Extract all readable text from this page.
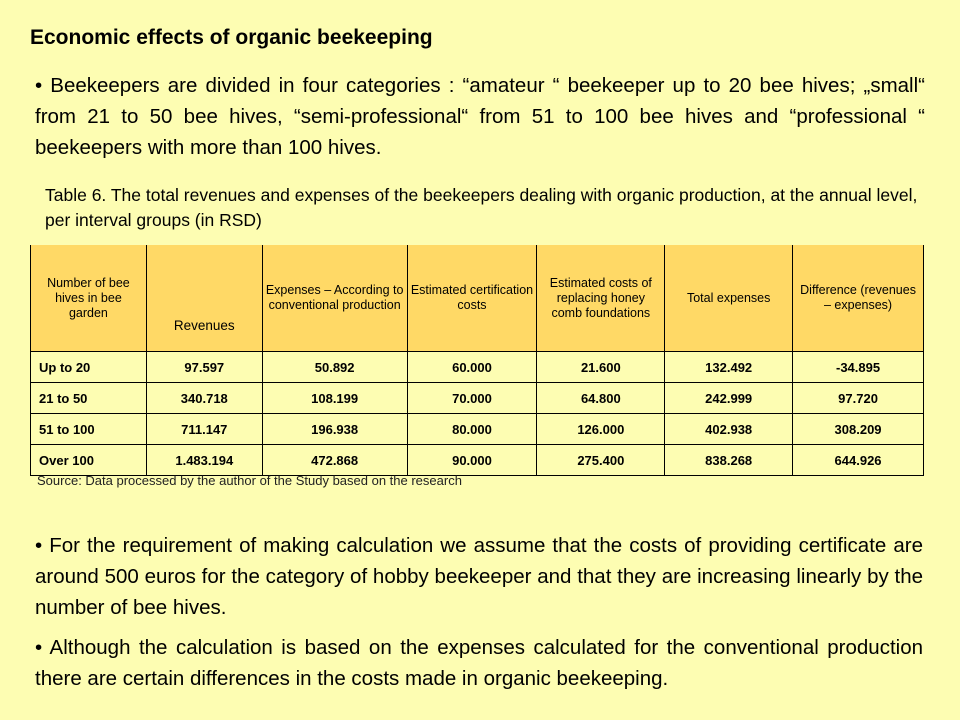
Economic effects of organic beekeeping
• Beekeepers are divided in four categories : “amateur “ beekeeper up to 20 bee hives; „small“ from 21 to 50 bee hives, “semi-professional“ from 51 to 100 bee hives and “professional “ beekeepers with more than 100 hives.
Table 6. The total revenues and expenses of the beekeepers dealing with organic production, at the annual level, per interval groups (in RSD)
Number of bee hives in bee garden	Revenues	Expenses – According to conventional production	Estimated certification costs	Estimated costs of replacing honey comb foundations	Total expenses	Difference (revenues – expenses)
Up to 20	97.597	50.892	60.000	21.600	132.492	-34.895
21 to 50	340.718	108.199	70.000	64.800	242.999	97.720
51 to 100	711.147	196.938	80.000	126.000	402.938	308.209
Over 100	1.483.194	472.868	90.000	275.400	838.268	644.926
Source: Data processed by the author of the Study based on the research
• For the requirement of making calculation we assume that the costs of providing certificate are around 500 euros for the category of hobby beekeeper and that they are increasing linearly by the number of bee hives.
• Although the calculation is based on the expenses calculated for the conventional production there are certain differences in the costs made in organic beekeeping.
